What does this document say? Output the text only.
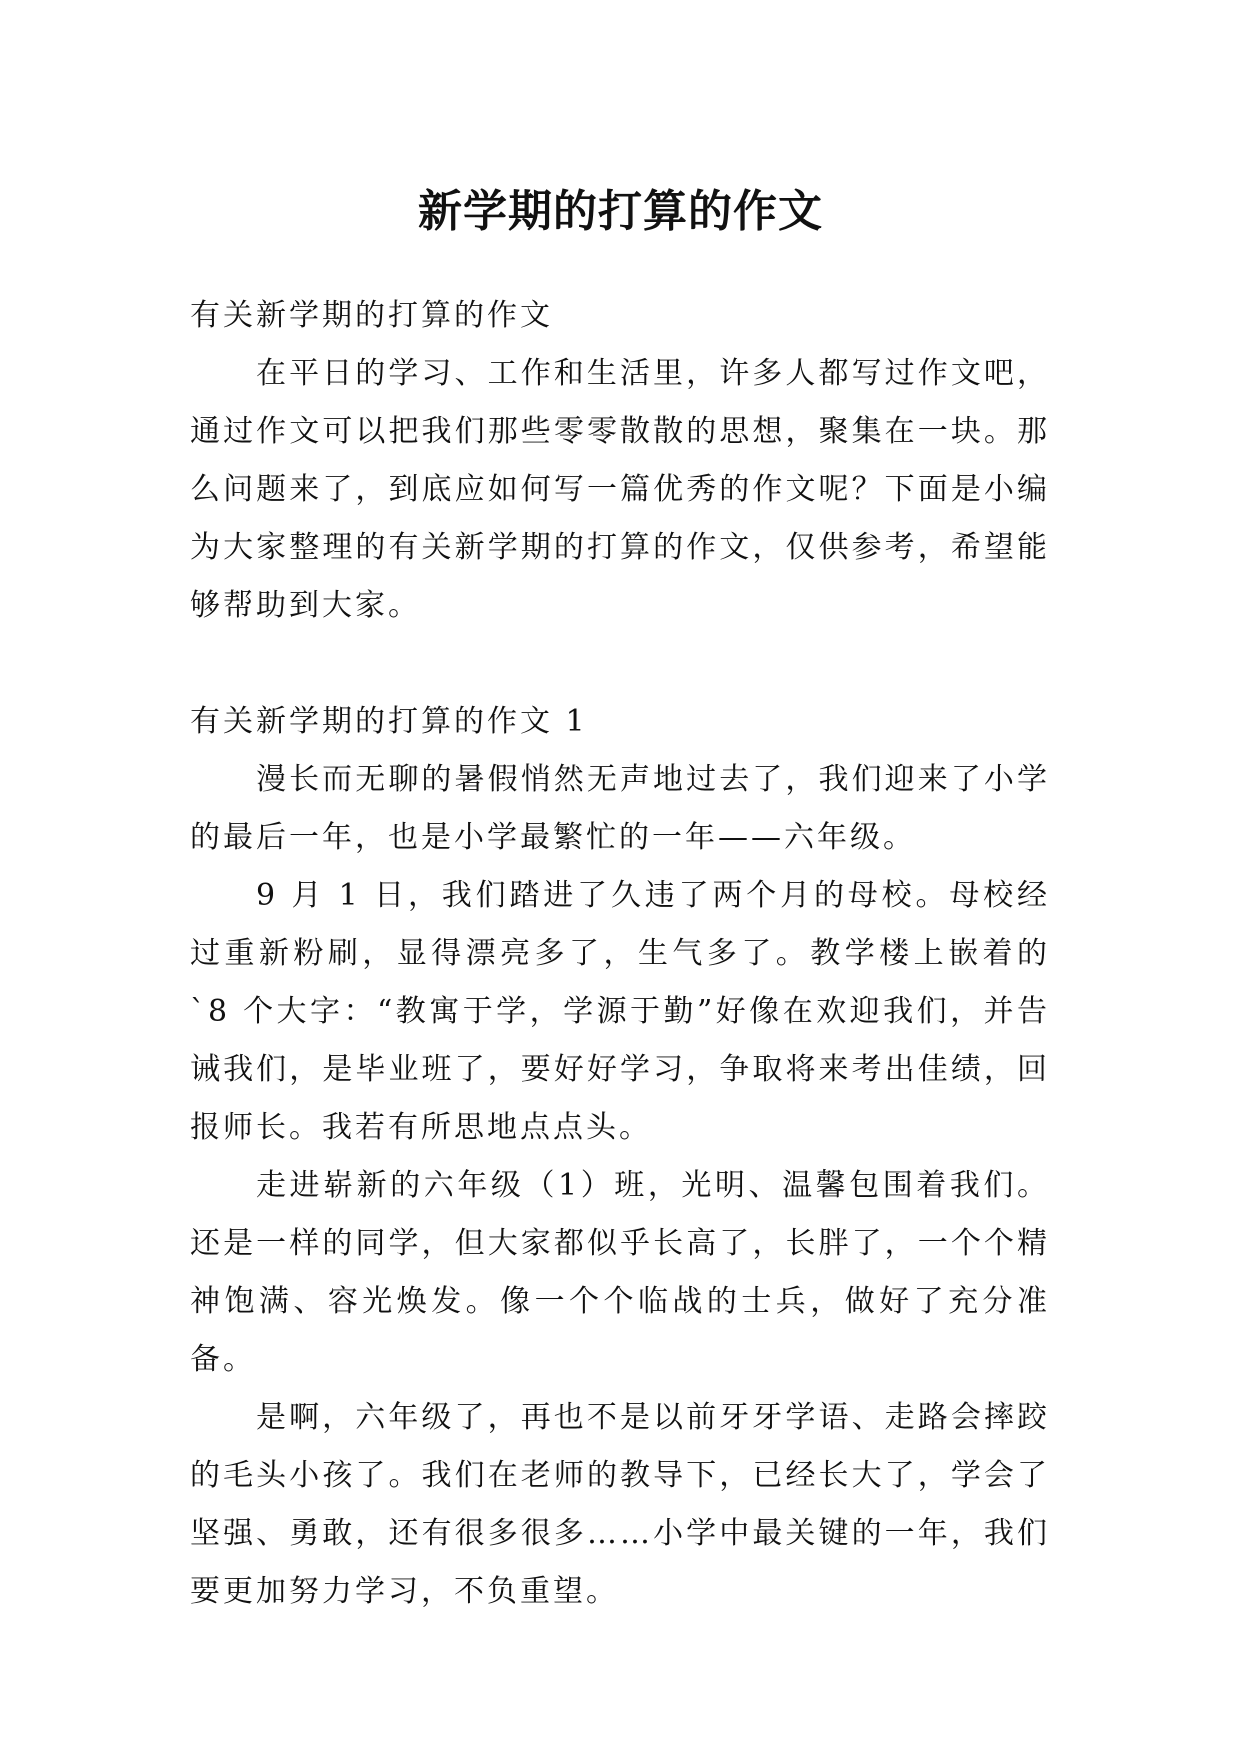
新学期的打算的作文

有关新学期的打算的作文

在平日的学习、工作和生活里，许多人都写过作文吧，通过作文可以把我们那些零零散散的思想，聚集在一块。那么问题来了，到底应如何写一篇优秀的作文呢？下面是小编为大家整理的有关新学期的打算的作文，仅供参考，希望能够帮助到大家。

有关新学期的打算的作文 1

漫长而无聊的暑假悄然无声地过去了，我们迎来了小学的最后一年，也是小学最繁忙的一年——六年级。

9 月 1 日，我们踏进了久违了两个月的母校。母校经过重新粉刷，显得漂亮多了，生气多了。教学楼上嵌着的`8 个大字：“教寓于学，学源于勤”好像在欢迎我们，并告诫我们，是毕业班了，要好好学习，争取将来考出佳绩，回报师长。我若有所思地点点头。

走进崭新的六年级（1）班，光明、温馨包围着我们。还是一样的同学，但大家都似乎长高了，长胖了，一个个精神饱满、容光焕发。像一个个临战的士兵，做好了充分准备。

是啊，六年级了，再也不是以前牙牙学语、走路会摔跤的毛头小孩了。我们在老师的教导下，已经长大了，学会了坚强、勇敢，还有很多很多……小学中最关键的一年，我们要更加努力学习，不负重望。
